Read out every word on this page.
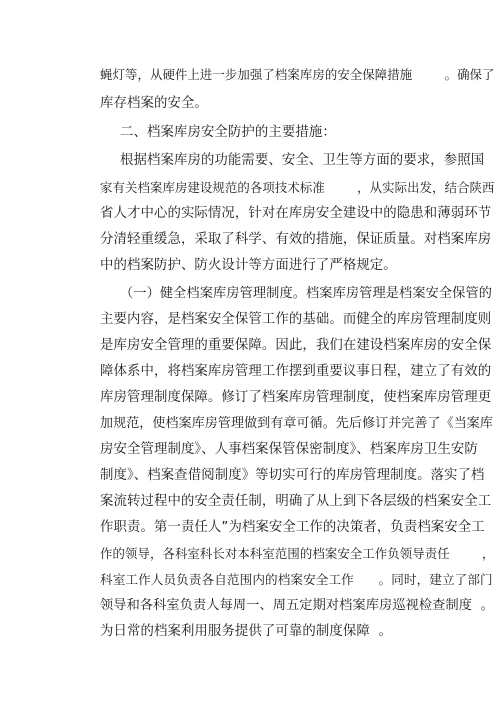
蝇灯等，从硬件上进一步加强了档案库房的安全保障措施        。确保了
库存档案的安全。
二、档案库房安全防护的主要措施：
根据档案库房的功能需要、安全、卫生等方面的要求，参照国
家有关档案库房建设规范的各项技术标准        ，从实际出发，结合陕西
省人才中心的实际情况，针对在库房安全建设中的隐患和薄弱环节
分清轻重缓急，采取了科学、有效的措施，保证质量。对档案库房
中的档案防护、防火设计等方面进行了严格规定。
（一）健全档案库房管理制度。档案库房管理是档案安全保管的
主要内容，是档案安全保管工作的基础。而健全的库房管理制度则
是库房安全管理的重要保障。因此，我们在建设档案库房的安全保
障体系中，将档案库房管理工作摆到重要议事日程，建立了有效的
库房管理制度保障。修订了档案库房管理制度，使档案库房管理更
加规范，使档案库房管理做到有章可循。先后修订并完善了《当案库
房安全管理制度》、人事档案保管保密制度》、档案库房卫生安防
制度》、档案查借阅制度》等切实可行的库房管理制度。落实了档
案流转过程中的安全责任制，明确了从上到下各层级的档案安全工
作职责。第一责任人”为档案安全工作的决策者，负责档案安全工
作的领导，各科室科长对本科室范围的档案安全工作负领导责任        ，
科室工作人员负责各自范围内的档案安全工作      。同时，建立了部门
领导和各科室负责人每周一、周五定期对档案库房巡视检查制度  。
为日常的档案利用服务提供了可靠的制度保障  。
